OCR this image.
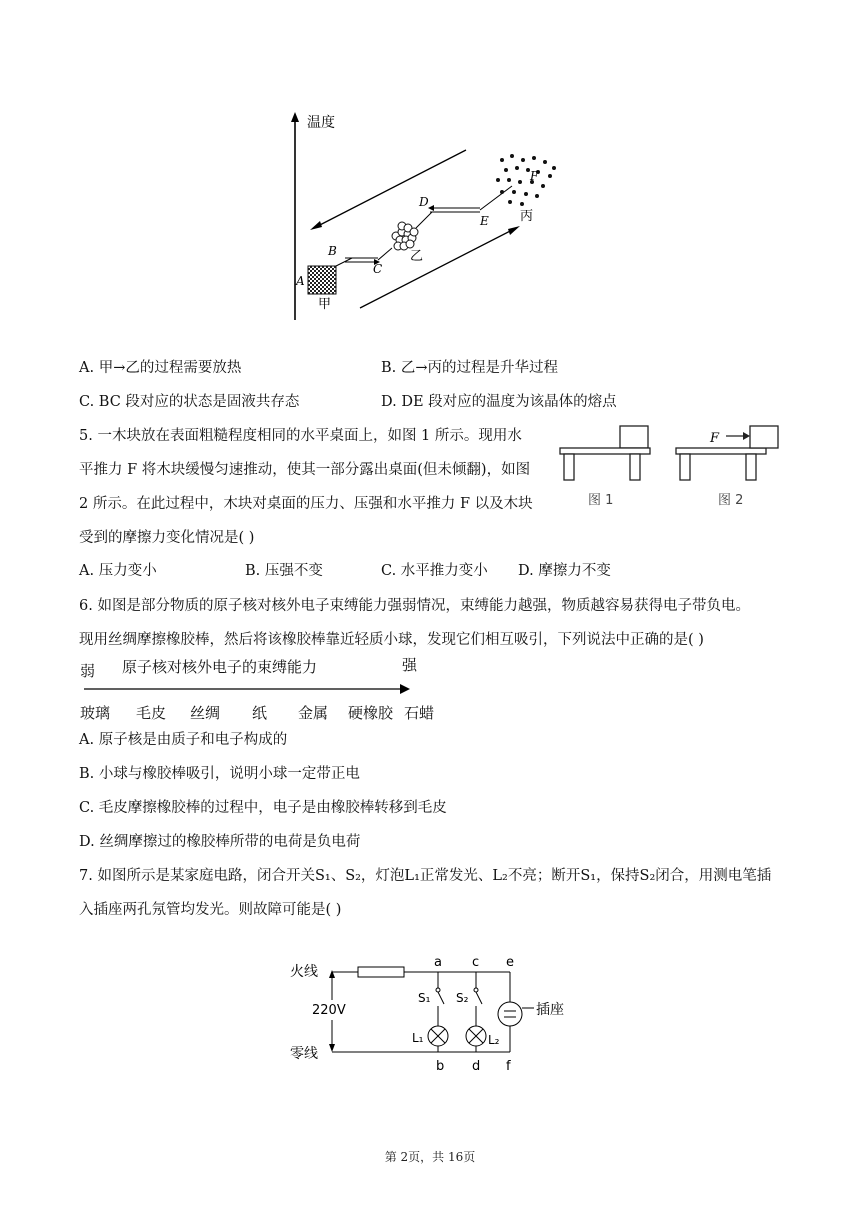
温度
A
甲
B
C
乙
D
E
F
丙
A. 甲→乙的过程需要放热	B. 乙→丙的过程是升华过程
C. BC 段对应的状态是固液共存态	D. DE 段对应的温度为该晶体的熔点
5. 一木块放在表面粗糙程度相同的水平桌面上，如图 1 所示。现用水
平推力 F 将木块缓慢匀速推动，使其一部分露出桌面(但未倾翻)，如图
2 所示。在此过程中，木块对桌面的压力、压强和水平推力 F 以及木块
受到的摩擦力变化情况是( )
图 1
F
图 2
A. 压力变小	B. 压强不变	C. 水平推力变小 D. 摩擦力不变
6. 如图是部分物质的原子核对核外电子束缚能力强弱情况，束缚能力越强，物质越容易获得电子带负电。
现用丝绸摩擦橡胶棒，然后将该橡胶棒靠近轻质小球，发现它们相互吸引，下列说法中正确的是( )
弱 原子核对核外电子的束缚能力	强
玻璃 毛皮 丝绸 纸 金属 硬橡胶 石蜡
A. 原子核是由质子和电子构成的
B. 小球与橡胶棒吸引，说明小球一定带正电
C. 毛皮摩擦橡胶棒的过程中，电子是由橡胶棒转移到毛皮
D. 丝绸摩擦过的橡胶棒所带的电荷是负电荷
7. 如图所示是某家庭电路，闭合开关S₁、S₂，灯泡L₁正常发光、L₂不亮；断开S₁，保持S₂闭合，用测电笔插
入插座两孔氖管均发光。则故障可能是( )
火线
220V
零线
a c e
b d f
S₁
L₁
S₂
L₂
插座
第 2页，共 16页
